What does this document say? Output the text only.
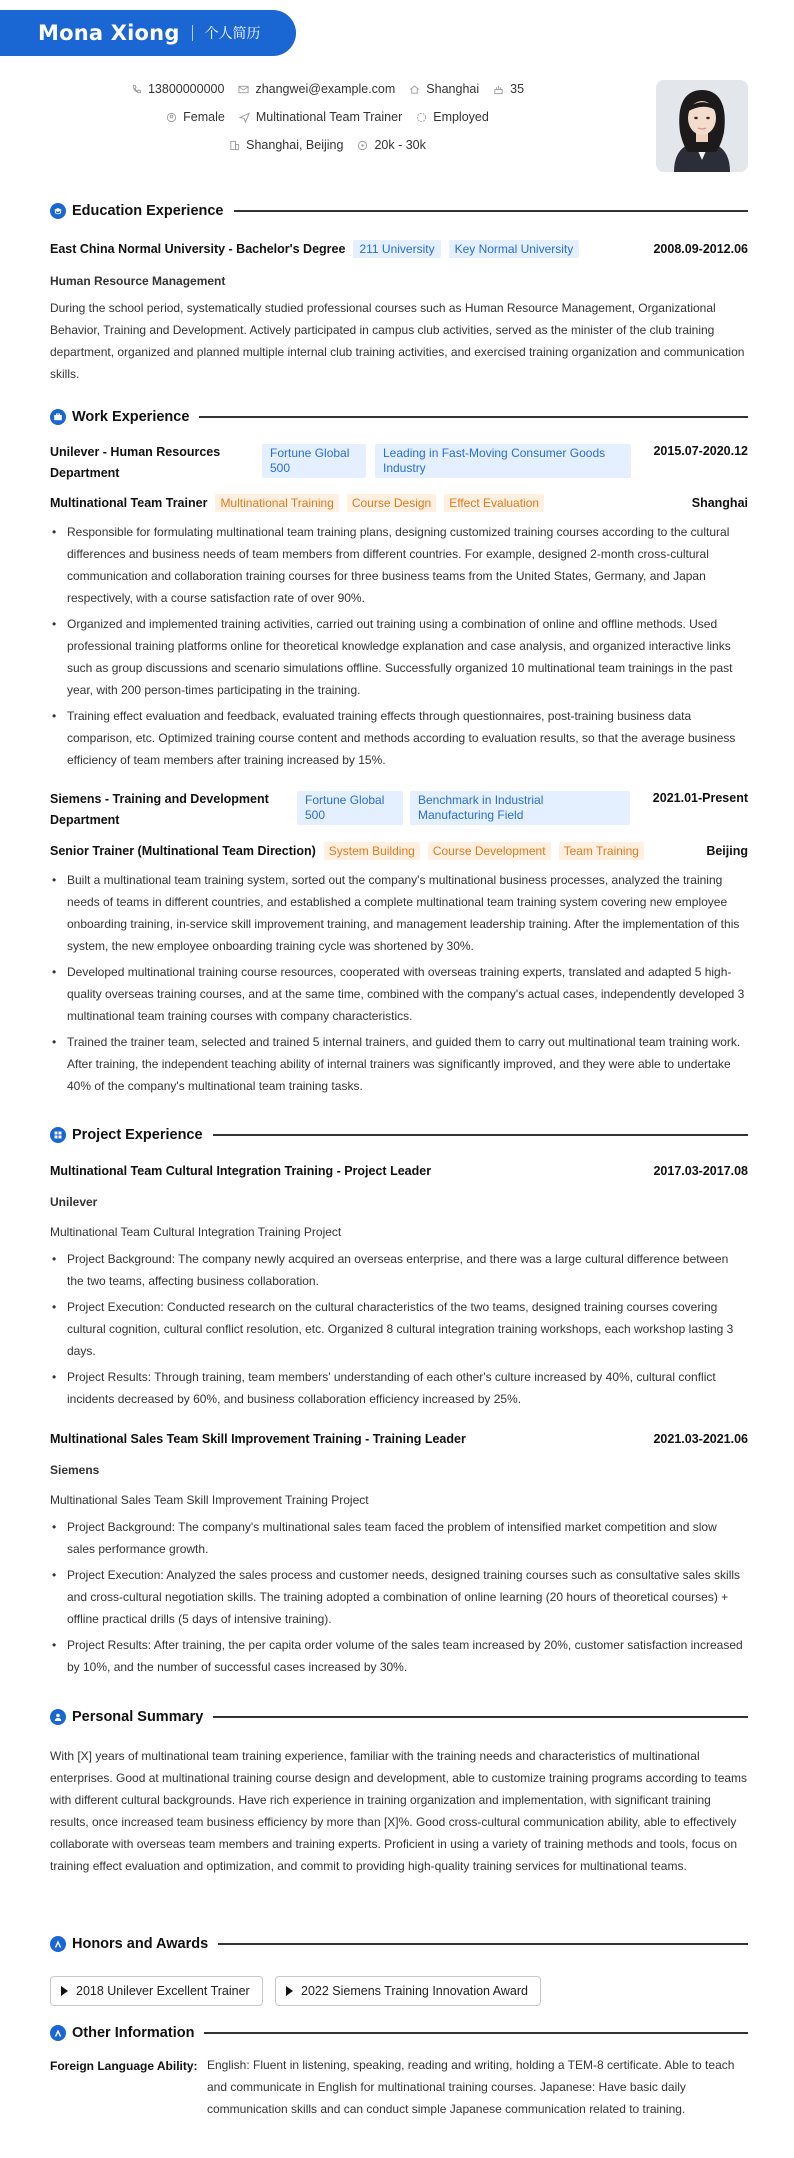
Mona Xiong 个人简历
13800000000 zhangwei@example.com Shanghai 35
Female Multinational Team Trainer Employed
Shanghai, Beijing 20k - 30k
Education Experience
East China Normal University - Bachelor's Degree	211 University	Key Normal University	2008.09-2012.06
Human Resource Management
During the school period, systematically studied professional courses such as Human Resource Management, Organizational Behavior, Training and Development. Actively participated in campus club activities, served as the minister of the club training department, organized and planned multiple internal club training activities, and exercised training organization and communication skills.
Work Experience
Unilever - Human Resources Department
Fortune Global 500
Leading in Fast-Moving Consumer Goods Industry
2015.07-2020.12
Multinational Team Trainer	Multinational Training	Course Design	Effect Evaluation	Shanghai
• Responsible for formulating multinational team training plans, designing customized training courses according to the cultural differences and business needs of team members from different countries. For example, designed 2-month cross-cultural communication and collaboration training courses for three business teams from the United States, Germany, and Japan respectively, with a course satisfaction rate of over 90%.
• Organized and implemented training activities, carried out training using a combination of online and offline methods. Used professional training platforms online for theoretical knowledge explanation and case analysis, and organized interactive links such as group discussions and scenario simulations offline. Successfully organized 10 multinational team trainings in the past year, with 200 person-times participating in the training.
• Training effect evaluation and feedback, evaluated training effects through questionnaires, post-training business data comparison, etc. Optimized training course content and methods according to evaluation results, so that the average business efficiency of team members after training increased by 15%.
Siemens - Training and Development Department
Fortune Global 500
Benchmark in Industrial Manufacturing Field
2021.01-Present
Senior Trainer (Multinational Team Direction)	System Building	Course Development	Team Training	Beijing
• Built a multinational team training system, sorted out the company's multinational business processes, analyzed the training needs of teams in different countries, and established a complete multinational team training system covering new employee onboarding training, in-service skill improvement training, and management leadership training. After the implementation of this system, the new employee onboarding training cycle was shortened by 30%.
• Developed multinational training course resources, cooperated with overseas training experts, translated and adapted 5 high-quality overseas training courses, and at the same time, combined with the company's actual cases, independently developed 3 multinational team training courses with company characteristics.
• Trained the trainer team, selected and trained 5 internal trainers, and guided them to carry out multinational team training work. After training, the independent teaching ability of internal trainers was significantly improved, and they were able to undertake 40% of the company's multinational team training tasks.
Project Experience
Multinational Team Cultural Integration Training - Project Leader	2017.03-2017.08
Unilever
Multinational Team Cultural Integration Training Project
• Project Background: The company newly acquired an overseas enterprise, and there was a large cultural difference between the two teams, affecting business collaboration.
• Project Execution: Conducted research on the cultural characteristics of the two teams, designed training courses covering cultural cognition, cultural conflict resolution, etc. Organized 8 cultural integration training workshops, each workshop lasting 3 days.
• Project Results: Through training, team members' understanding of each other's culture increased by 40%, cultural conflict incidents decreased by 60%, and business collaboration efficiency increased by 25%.
Multinational Sales Team Skill Improvement Training - Training Leader	2021.03-2021.06
Siemens
Multinational Sales Team Skill Improvement Training Project
• Project Background: The company's multinational sales team faced the problem of intensified market competition and slow sales performance growth.
• Project Execution: Analyzed the sales process and customer needs, designed training courses such as consultative sales skills and cross-cultural negotiation skills. The training adopted a combination of online learning (20 hours of theoretical courses) + offline practical drills (5 days of intensive training).
• Project Results: After training, the per capita order volume of the sales team increased by 20%, customer satisfaction increased by 10%, and the number of successful cases increased by 30%.
Personal Summary
With [X] years of multinational team training experience, familiar with the training needs and characteristics of multinational enterprises. Good at multinational training course design and development, able to customize training programs according to teams with different cultural backgrounds. Have rich experience in training organization and implementation, with significant training results, once increased team business efficiency by more than [X]%. Good cross-cultural communication ability, able to effectively collaborate with overseas team members and training experts. Proficient in using a variety of training methods and tools, focus on training effect evaluation and optimization, and commit to providing high-quality training services for multinational teams.
Honors and Awards
2018 Unilever Excellent Trainer	2022 Siemens Training Innovation Award
Other Information
Foreign Language Ability: English: Fluent in listening, speaking, reading and writing, holding a TEM-8 certificate. Able to teach and communicate in English for multinational training courses. Japanese: Have basic daily communication skills and can conduct simple Japanese communication related to training.
